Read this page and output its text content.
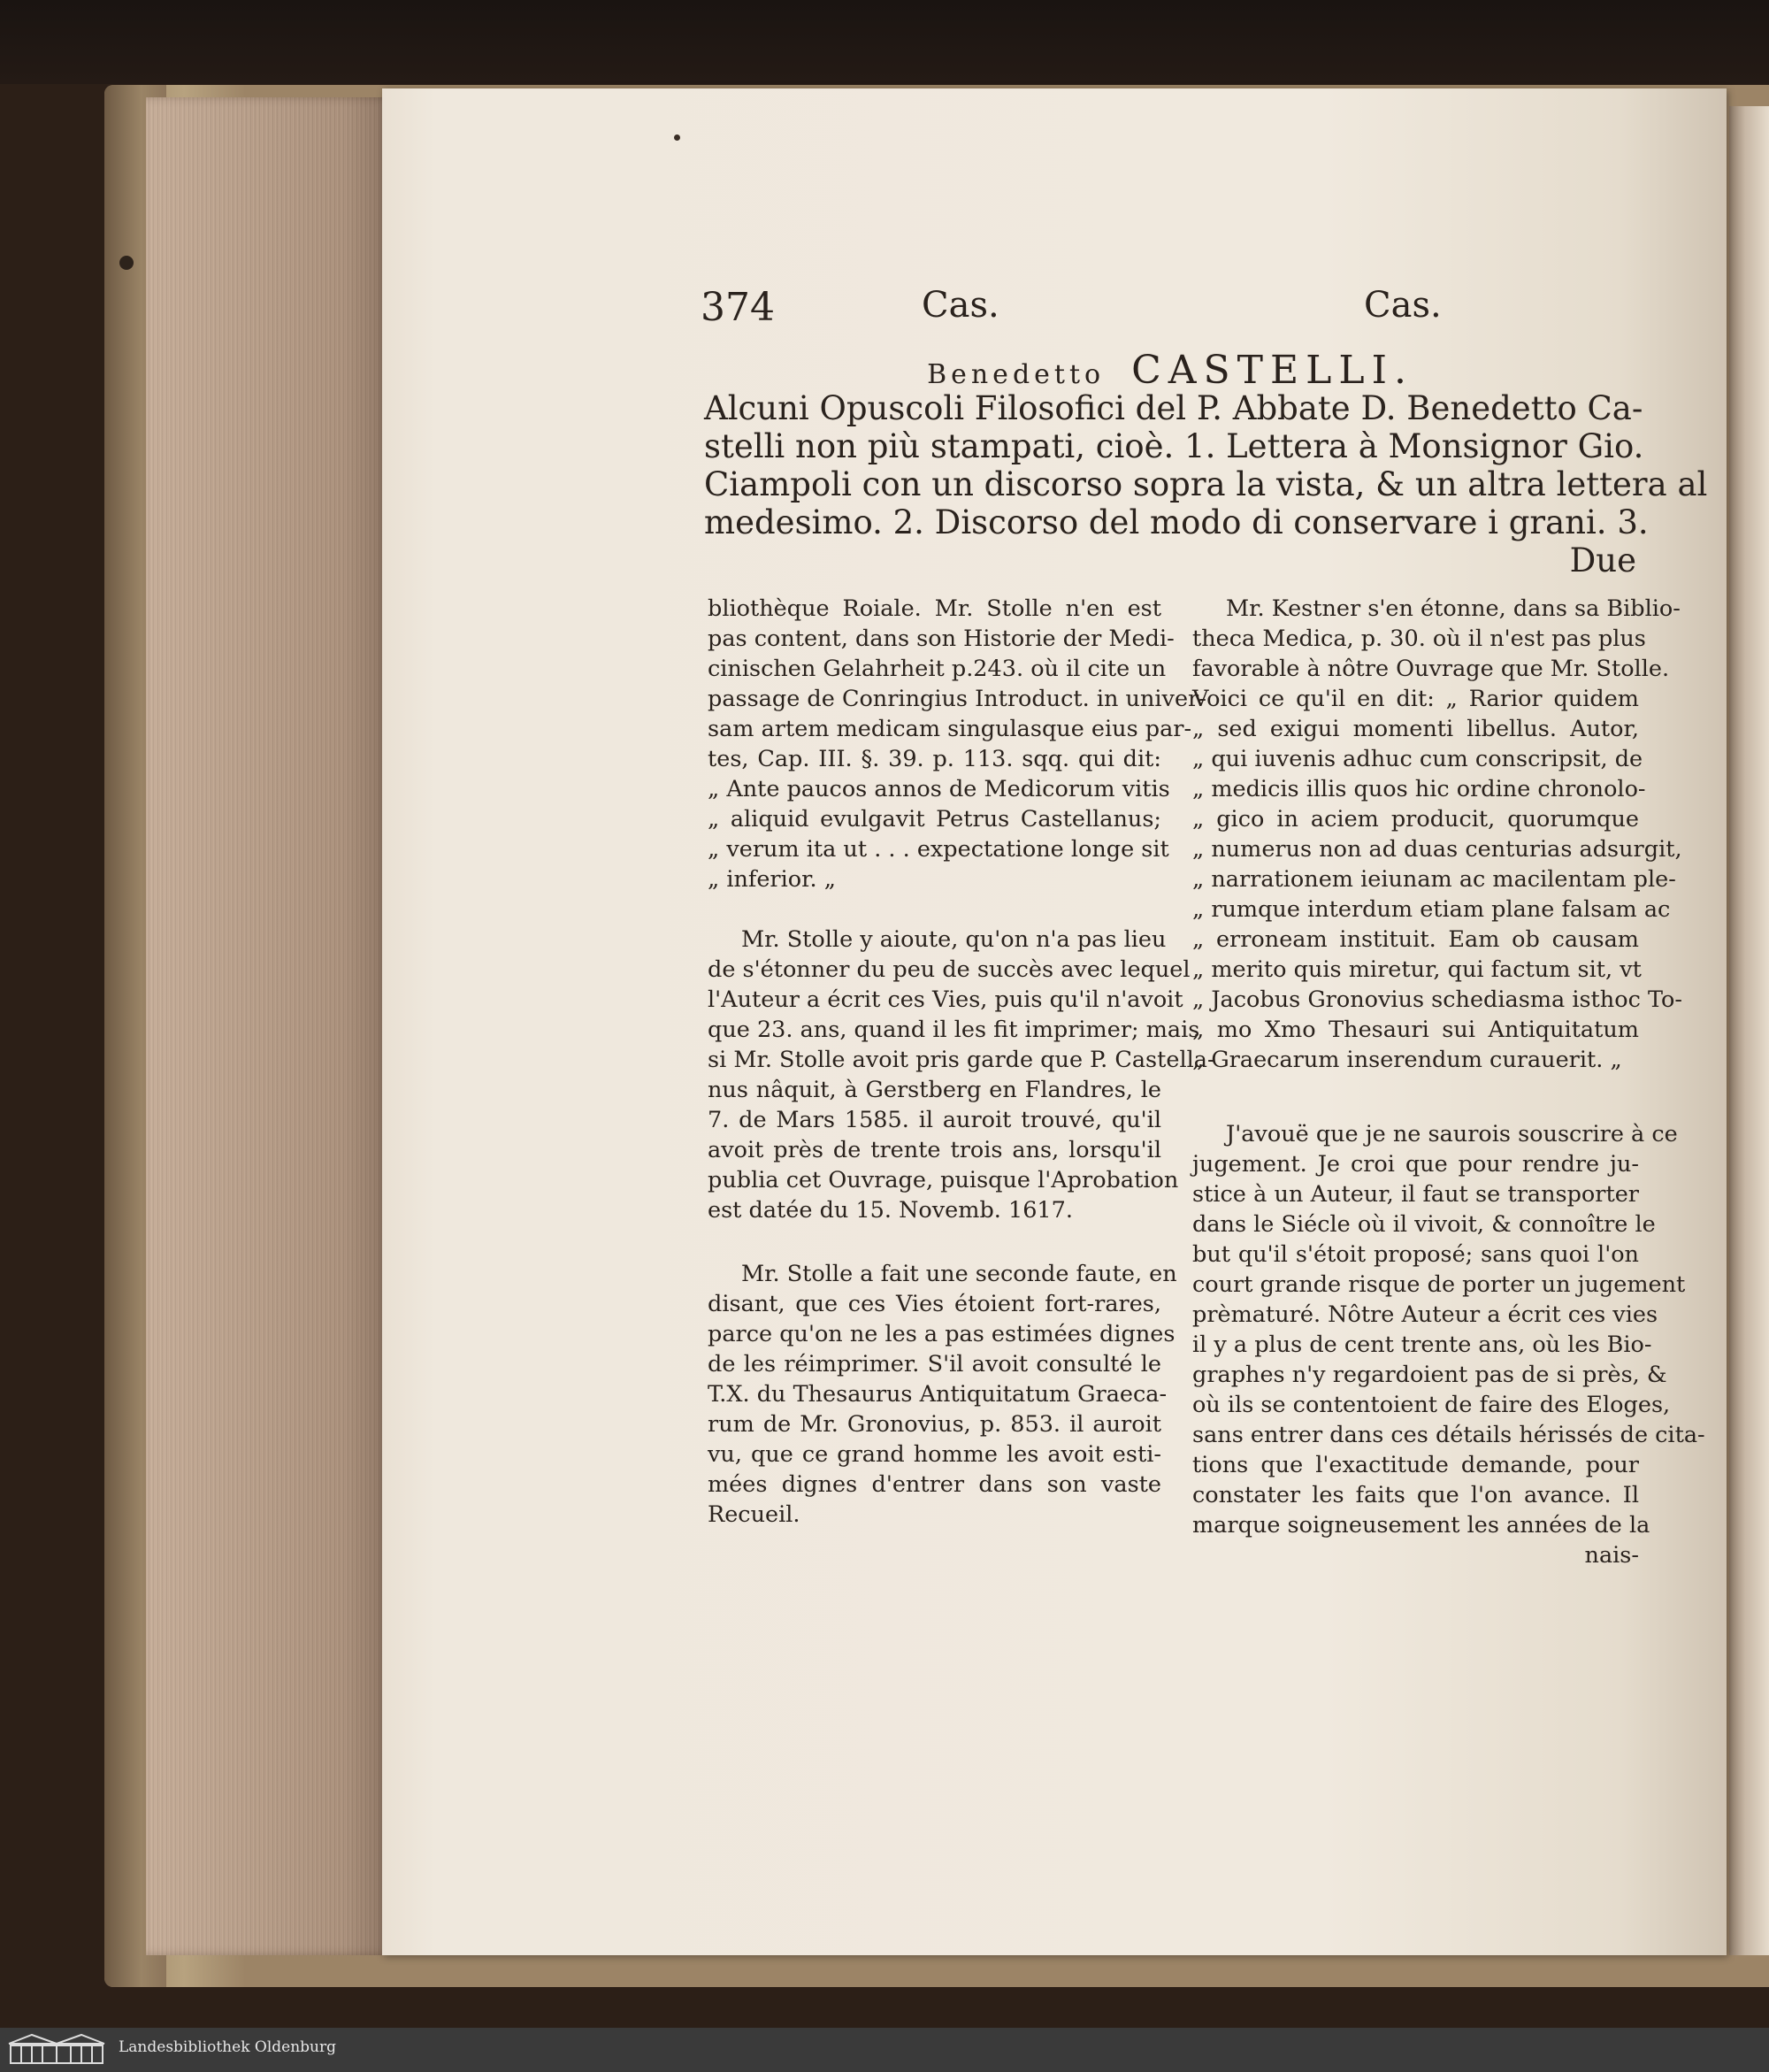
374	Cas.	Cas.
Benedetto CASTELLI.
Alcuni Opuscoli Filosofici del P. Abbate D. Benedetto Ca-
stelli non più stampati, cioè. 1. Lettera à Monsignor Gio.
Ciampoli con un discorso sopra la vista, & un altra lettera al
medesimo. 2. Discorso del modo di conservare i grani. 3.
Due
bliothèque Roiale. Mr. Stolle n'en est
pas content, dans son Historie der Medi-
cinischen Gelahrheit p.243. où il cite un
passage de Conringius Introduct. in univer-
sam artem medicam singulasque eius par-
tes, Cap. III. §. 39. p. 113. sqq. qui dit:
„ Ante paucos annos de Medicorum vitis
„ aliquid evulgavit Petrus Castellanus;
„ verum ita ut . . . expectatione longe sit
„ inferior. „
Mr. Stolle y aioute, qu'on n'a pas lieu
de s'étonner du peu de succès avec lequel
l'Auteur a écrit ces Vies, puis qu'il n'avoit
que 23. ans, quand il les fit imprimer; mais
si Mr. Stolle avoit pris garde que P. Castella-
nus nâquit, à Gerstberg en Flandres, le
7. de Mars 1585. il auroit trouvé, qu'il
avoit près de trente trois ans, lorsqu'il
publia cet Ouvrage, puisque l'Aprobation
est datée du 15. Novemb. 1617.
Mr. Stolle a fait une seconde faute, en
disant, que ces Vies étoient fort-rares,
parce qu'on ne les a pas estimées dignes
de les réimprimer. S'il avoit consulté le
T.X. du Thesaurus Antiquitatum Graeca-
rum de Mr. Gronovius, p. 853. il auroit
vu, que ce grand homme les avoit esti-
mées dignes d'entrer dans son vaste
Recueil.
Mr. Kestner s'en étonne, dans sa Biblio-
theca Medica, p. 30. où il n'est pas plus
favorable à nôtre Ouvrage que Mr. Stolle.
Voici ce qu'il en dit: „ Rarior quidem
„ sed exigui momenti libellus. Autor,
„ qui iuvenis adhuc cum conscripsit, de
„ medicis illis quos hic ordine chronolo-
„ gico in aciem producit, quorumque
„ numerus non ad duas centurias adsurgit,
„ narrationem ieiunam ac macilentam ple-
„ rumque interdum etiam plane falsam ac
„ erroneam instituit. Eam ob causam
„ merito quis miretur, qui factum sit, vt
„ Jacobus Gronovius schediasma isthoc To-
„ mo Xmo Thesauri sui Antiquitatum
„ Graecarum inserendum curauerit. „
J'avouë que je ne saurois souscrire à ce
jugement. Je croi que pour rendre ju-
stice à un Auteur, il faut se transporter
dans le Siécle où il vivoit, & connoître le
but qu'il s'étoit proposé; sans quoi l'on
court grande risque de porter un jugement
prèmaturé. Nôtre Auteur a écrit ces vies
il y a plus de cent trente ans, où les Bio-
graphes n'y regardoient pas de si près, &
où ils se contentoient de faire des Eloges,
sans entrer dans ces détails hérissés de cita-
tions que l'exactitude demande, pour
constater les faits que l'on avance. Il
marque soigneusement les années de la
nais-
Landesbibliothek Oldenburg
